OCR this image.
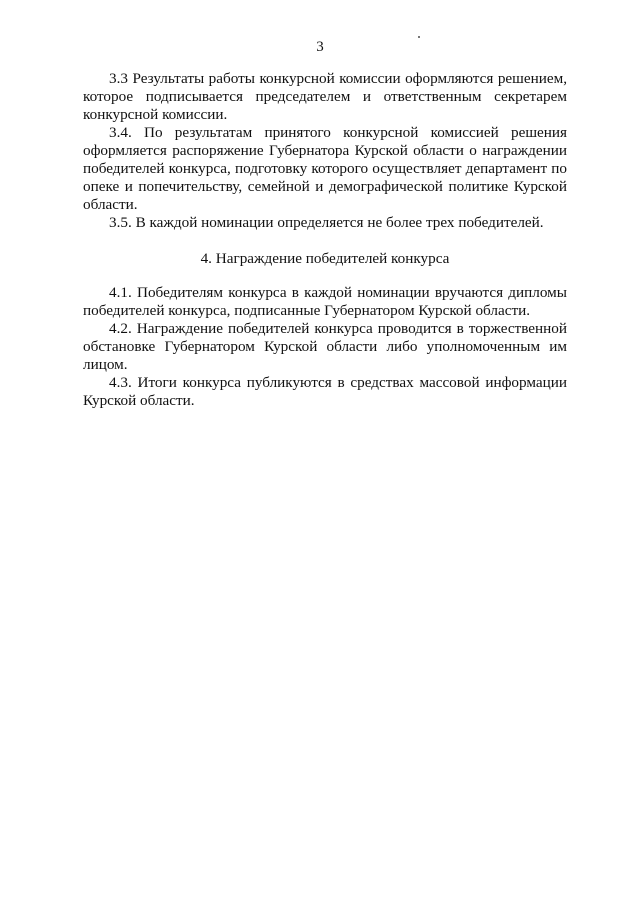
3

3.3 Результаты работы конкурсной комиссии оформляются решением, которое подписывается председателем и ответственным секретарем конкурсной комиссии.

3.4. По результатам принятого конкурсной комиссией решения оформляется распоряжение Губернатора Курской области о награждении победителей конкурса, подготовку которого осуществляет департамент по опеке и попечительству, семейной и демографической политике Курской области.

3.5. В каждой номинации определяется не более трех победителей.

4. Награждение победителей конкурса

4.1. Победителям конкурса в каждой номинации вручаются дипломы победителей конкурса, подписанные Губернатором Курской области.

4.2. Награждение победителей конкурса проводится в торжественной обстановке Губернатором Курской области либо уполномоченным им лицом.

4.3. Итоги конкурса публикуются в средствах массовой информации Курской области.
